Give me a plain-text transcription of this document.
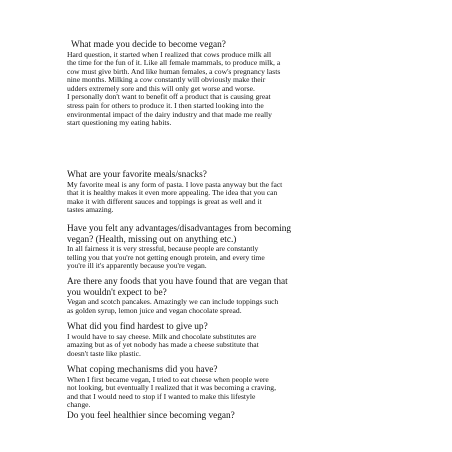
What made you decide to become vegan?

Hard question, it started when I realized that cows produce milk all
the time for the fun of it. Like all female mammals, to produce milk, a
cow must give birth. And like human females, a cow's pregnancy lasts
nine months. Milking a cow constantly will obviously make their
udders extremely sore and this will only get worse and worse.
I personally don't want to benefit off a product that is causing great
stress pain for others to produce it. I then started looking into the
environmental impact of the dairy industry and that made me really
start questioning my eating habits.

What are your favorite meals/snacks?

My favorite meal is any form of pasta. I love pasta anyway but the fact
that it is healthy makes it even more appealing. The idea that you can
make it with different sauces and toppings is great as well and it
tastes amazing.

Have you felt any advantages/disadvantages from becoming
vegan? (Health, missing out on anything etc.)

In all fairness it is very stressful, because people are constantly
telling you that you're not getting enough protein, and every time
you're ill it's apparently because you're vegan.

Are there any foods that you have found that are vegan that
you wouldn't expect to be?

Vegan and scotch pancakes. Amazingly we can include toppings such
as golden syrup, lemon juice and vegan chocolate spread.

What did you find hardest to give up?

I would have to say cheese. Milk and chocolate substitutes are
amazing but as of yet nobody has made a cheese substitute that
doesn't taste like plastic.

What coping mechanisms did you have?

When I first became vegan, I tried to eat cheese when people were
not looking, but eventually I realized that it was becoming a craving,
and that I would need to stop if I wanted to make this lifestyle
change.

Do you feel healthier since becoming vegan?
